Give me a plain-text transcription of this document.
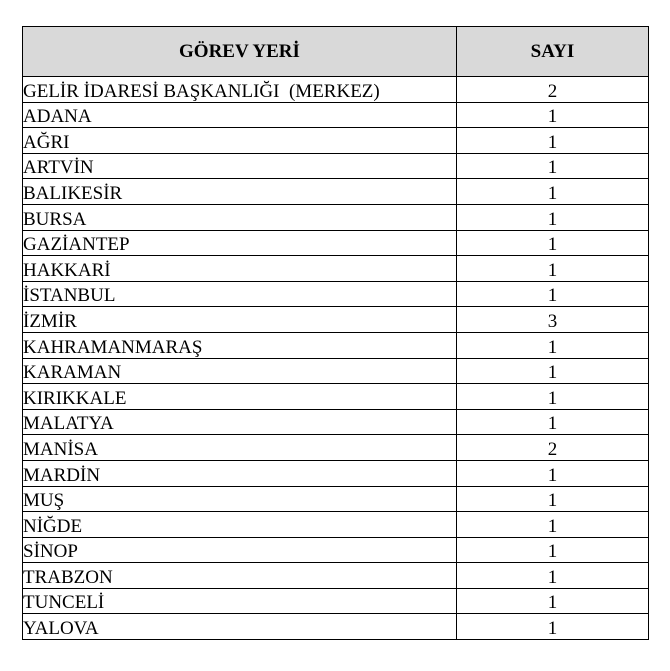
GÖREV YERİ	SAYI
GELİR İDARESİ BAŞKANLIĞI  (MERKEZ)	2
ADANA	1
AĞRI	1
ARTVİN	1
BALIKESİR	1
BURSA	1
GAZİANTEP	1
HAKKARİ	1
İSTANBUL	1
İZMİR	3
KAHRAMANMARAŞ	1
KARAMAN	1
KIRIKKALE	1
MALATYA	1
MANİSA	2
MARDİN	1
MUŞ	1
NİĞDE	1
SİNOP	1
TRABZON	1
TUNCELİ	1
YALOVA	1
